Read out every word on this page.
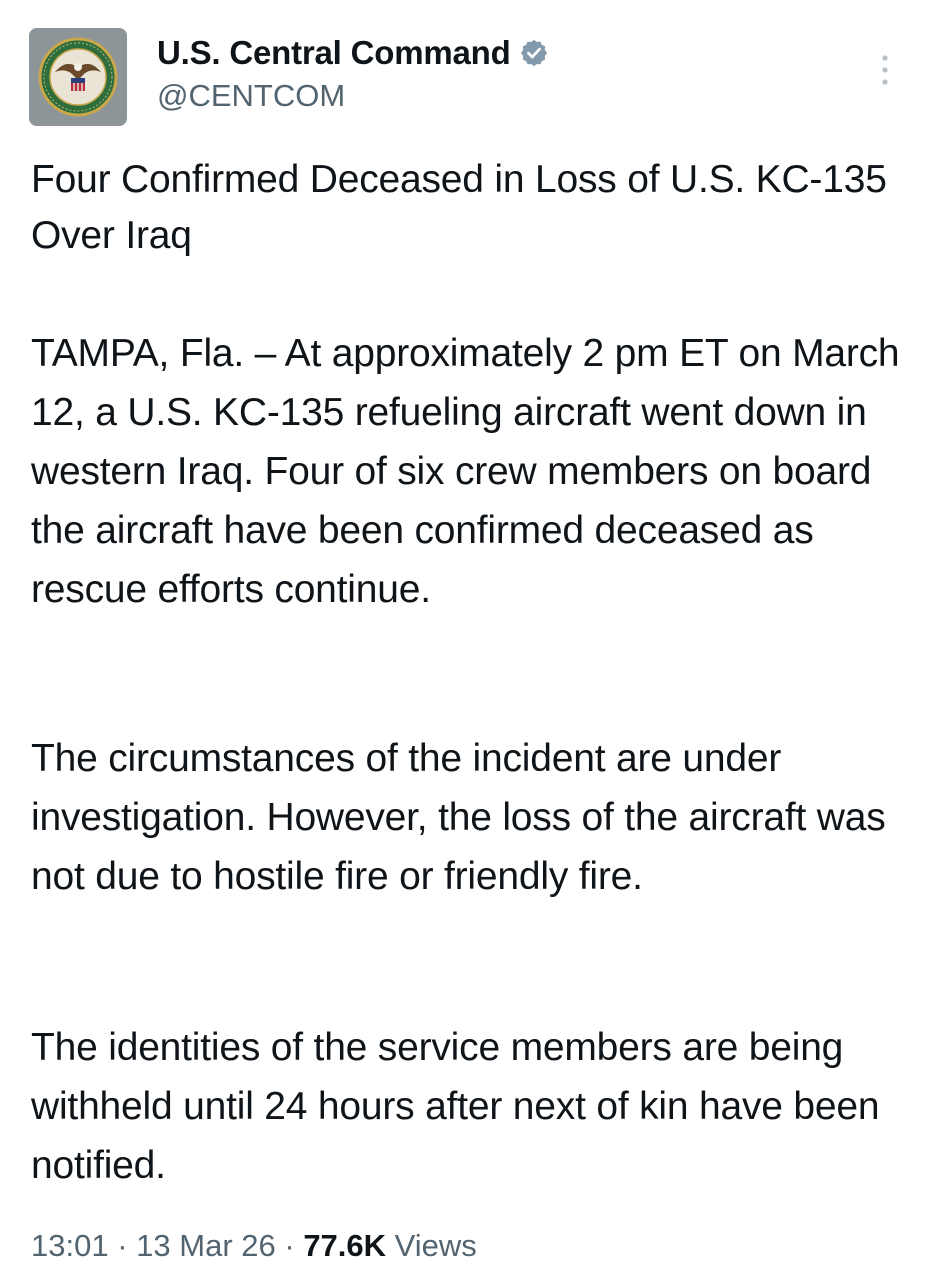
U.S. Central Command
@CENTCOM

Four Confirmed Deceased in Loss of U.S. KC-135 Over Iraq

TAMPA, Fla. – At approximately 2 pm ET on March 12, a U.S. KC-135 refueling aircraft went down in western Iraq. Four of six crew members on board the aircraft have been confirmed deceased as rescue efforts continue.

The circumstances of the incident are under investigation. However, the loss of the aircraft was not due to hostile fire or friendly fire.

The identities of the service members are being withheld until 24 hours after next of kin have been notified.

13:01 · 13 Mar 26 · 77.6K Views
